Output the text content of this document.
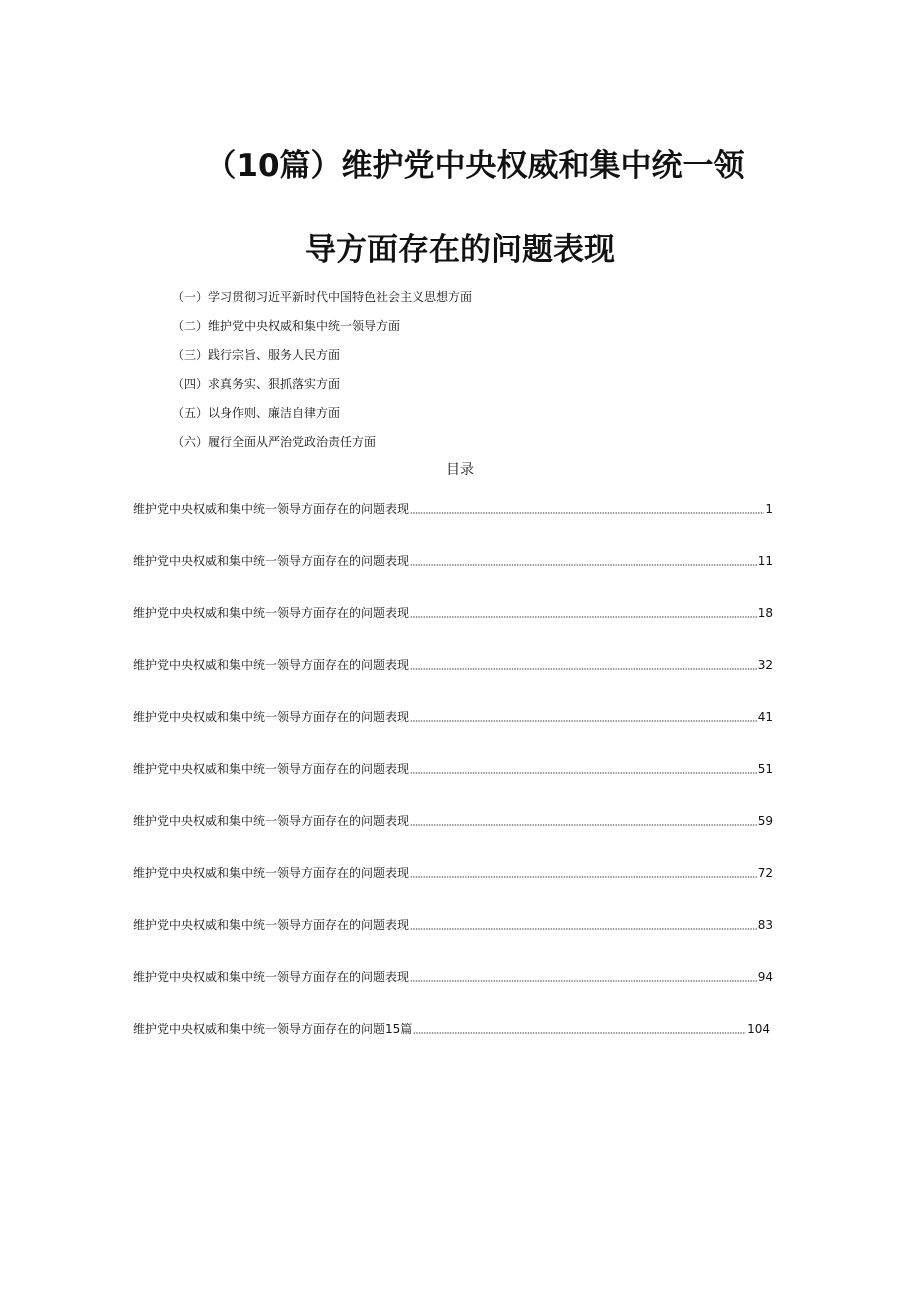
（10篇）维护党中央权威和集中统一领
导方面存在的问题表现
（一）学习贯彻习近平新时代中国特色社会主义思想方面
（二）维护党中央权威和集中统一领导方面
（三）践行宗旨、服务人民方面
（四）求真务实、狠抓落实方面
（五）以身作则、廉洁自律方面
（六）履行全面从严治党政治责任方面
目录
维护党中央权威和集中统一领导方面存在的问题表现	1
维护党中央权威和集中统一领导方面存在的问题表现	11
维护党中央权威和集中统一领导方面存在的问题表现	18
维护党中央权威和集中统一领导方面存在的问题表现	32
维护党中央权威和集中统一领导方面存在的问题表现	41
维护党中央权威和集中统一领导方面存在的问题表现	51
维护党中央权威和集中统一领导方面存在的问题表现	59
维护党中央权威和集中统一领导方面存在的问题表现	72
维护党中央权威和集中统一领导方面存在的问题表现	83
维护党中央权威和集中统一领导方面存在的问题表现	94
维护党中央权威和集中统一领导方面存在的问题15篇	104
